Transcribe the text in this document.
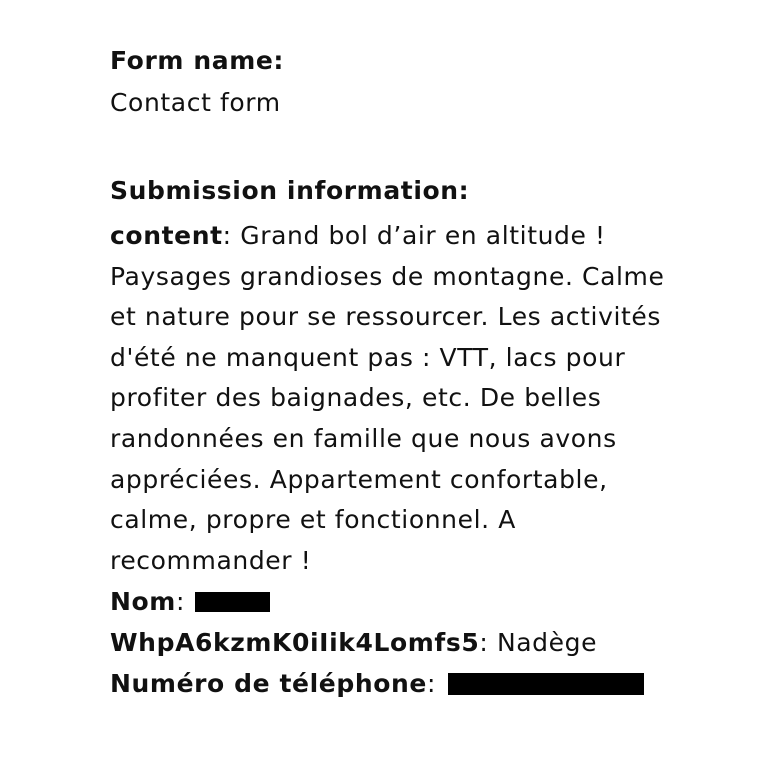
Form name:

Contact form

Submission information:

content: Grand bol d’air en altitude ! Paysages grandioses de montagne. Calme et nature pour se ressourcer. Les activités d'été ne manquent pas : VTT, lacs pour profiter des baignades, etc. De belles randonnées en famille que nous avons appréciées. Appartement confortable, calme, propre et fonctionnel. A recommander !

Nom:

WhpA6kzmK0iIik4Lomfs5: Nadège

Numéro de téléphone:
